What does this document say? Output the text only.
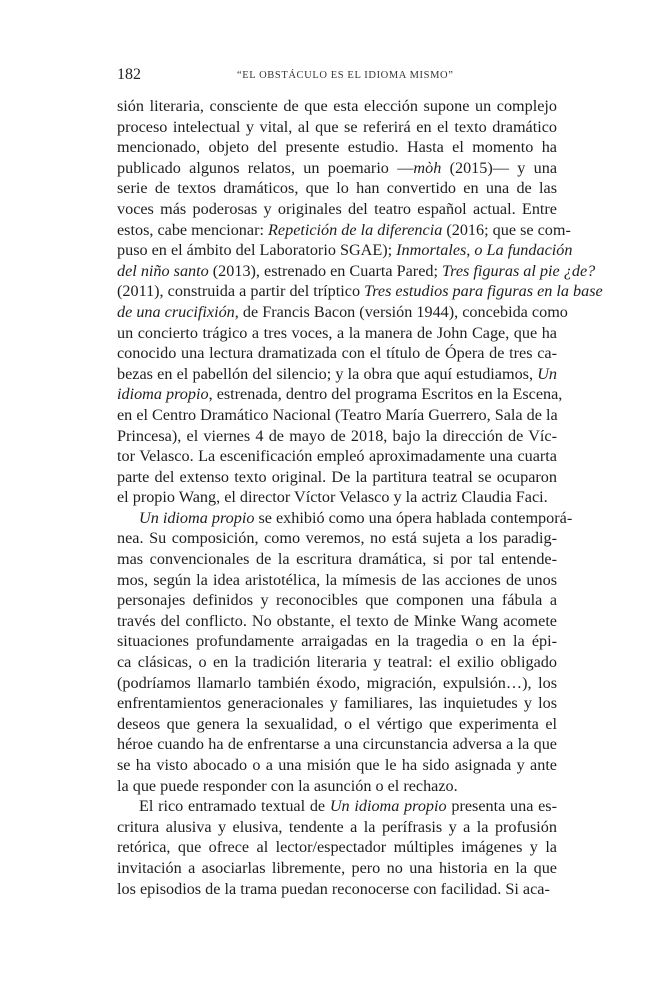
182	“EL OBSTÁCULO ES EL IDIOMA MISMO”
sión literaria, consciente de que esta elección supone un complejo
proceso intelectual y vital, al que se referirá en el texto dramático
mencionado, objeto del presente estudio. Hasta el momento ha
publicado algunos relatos, un poemario —mòh (2015)— y una
serie de textos dramáticos, que lo han convertido en una de las
voces más poderosas y originales del teatro español actual. Entre
estos, cabe mencionar: Repetición de la diferencia (2016; que se com-
puso en el ámbito del Laboratorio SGAE); Inmortales, o La fundación
del niño santo (2013), estrenado en Cuarta Pared; Tres figuras al pie ¿de?
(2011), construida a partir del tríptico Tres estudios para figuras en la base
de una crucifixión, de Francis Bacon (versión 1944), concebida como
un concierto trágico a tres voces, a la manera de John Cage, que ha
conocido una lectura dramatizada con el título de Ópera de tres ca-
bezas en el pabellón del silencio; y la obra que aquí estudiamos, Un
idioma propio, estrenada, dentro del programa Escritos en la Escena,
en el Centro Dramático Nacional (Teatro María Guerrero, Sala de la
Princesa), el viernes 4 de mayo de 2018, bajo la dirección de Víc-
tor Velasco. La escenificación empleó aproximadamente una cuarta
parte del extenso texto original. De la partitura teatral se ocuparon
el propio Wang, el director Víctor Velasco y la actriz Claudia Faci.
Un idioma propio se exhibió como una ópera hablada contemporá-
nea. Su composición, como veremos, no está sujeta a los paradig-
mas convencionales de la escritura dramática, si por tal entende-
mos, según la idea aristotélica, la mímesis de las acciones de unos
personajes definidos y reconocibles que componen una fábula a
través del conflicto. No obstante, el texto de Minke Wang acomete
situaciones profundamente arraigadas en la tragedia o en la épi-
ca clásicas, o en la tradición literaria y teatral: el exilio obligado
(podríamos llamarlo también éxodo, migración, expulsión…), los
enfrentamientos generacionales y familiares, las inquietudes y los
deseos que genera la sexualidad, o el vértigo que experimenta el
héroe cuando ha de enfrentarse a una circunstancia adversa a la que
se ha visto abocado o a una misión que le ha sido asignada y ante
la que puede responder con la asunción o el rechazo.
El rico entramado textual de Un idioma propio presenta una es-
critura alusiva y elusiva, tendente a la perífrasis y a la profusión
retórica, que ofrece al lector/espectador múltiples imágenes y la
invitación a asociarlas libremente, pero no una historia en la que
los episodios de la trama puedan reconocerse con facilidad. Si aca-
